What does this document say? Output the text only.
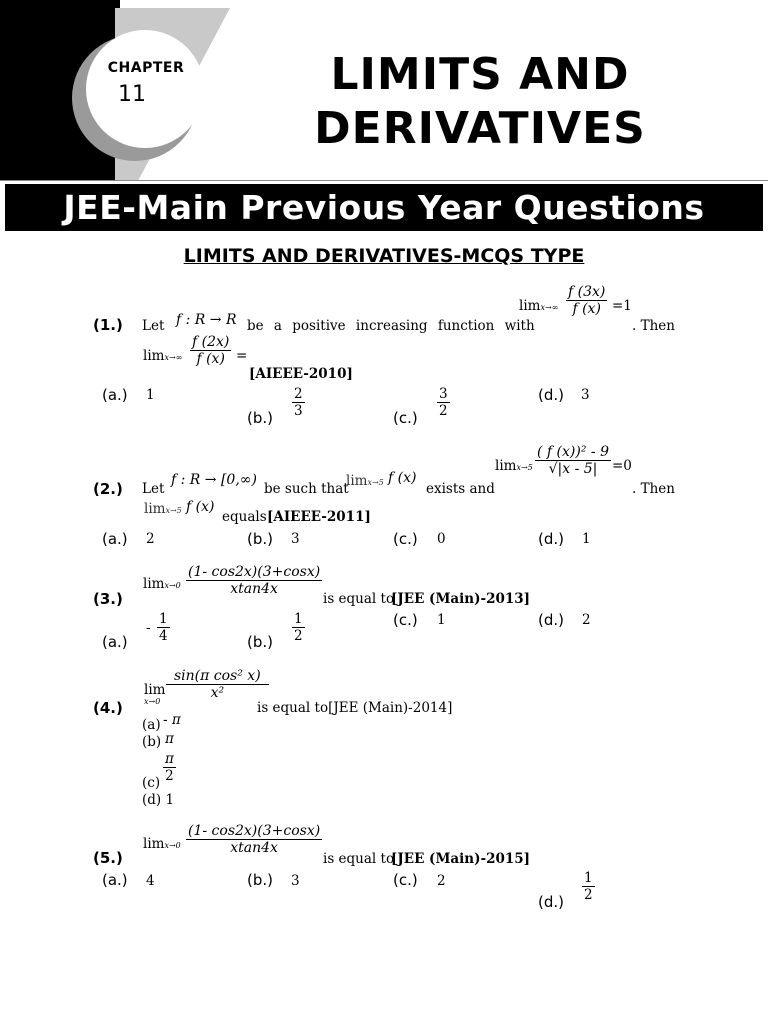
CHAPTER
11	LIMITS AND
DERIVATIVES
JEE-Main Previous Year Questions
LIMITS AND DERIVATIVES-MCQS TYPE
(1.) Let f : R → R be a positive increasing function with
$\lim x\to\infty \frac{f (3x)}{f (x)} =1$
. Then
$\lim x\to\infty \frac{f (2x)}{f (x)}$ =
[AIEEE-2010]
(a.) 1
$(b.) \frac{2}{3}$	$(c.) \frac{3}{2}$	(d.) 3
$\lim x\to 5 \frac{\text{( f (x))² - 9}}{√|x - 5|} =0$
(2.) Let
f : R → [0,∞)
be such that
limx→5 f (x)
exists and	. Then
limx→5 f (x)
equals [AIEEE-2011]
(a.) 2	(b.) 3	(c.) 0	(d.) 1
(3.)
$\lim x\to 0 \frac{(1- \cos 2x)(3+\cos x)}{xtan4x}$
is equal to
[JEE (Main)-2013]
- $\frac{1}{4}$
(a.)	$(b.) \frac{1}{2}$	(c.) 1	(d.) 2
(4.)
lim
x→0
$\frac{\text{sin(π cos² x)}}{\text{x²}}$
is equal to[JEE (Main)-2014]
(a) - π
(b) π
$(c) \frac{\pi}{2}$
(d) 1
(5.)
$\lim x\to 0 \frac{(1- \cos 2x)(3+\cos x)}{xtan4x}$
is equal to
[JEE (Main)-2015]
(a.) 4	(b.) 3	(c.) 2
$(d.) \frac{1}{2}$
